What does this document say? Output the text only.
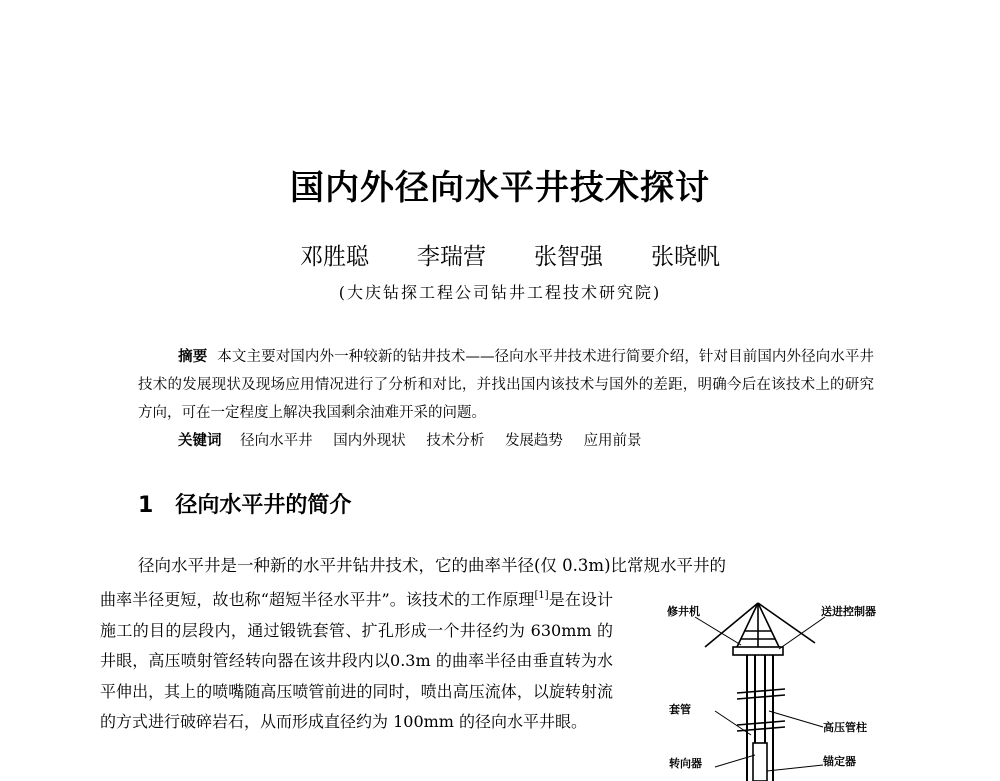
国内外径向水平井技术探讨
邓胜聪 李瑞营 张智强 张晓帆
(大庆钻探工程公司钻井工程技术研究院)
摘要 本文主要对国内外一种较新的钻井技术——径向水平井技术进行简要介绍，针对目前国内外径向水平井技术的发展现状及现场应用情况进行了分析和对比，并找出国内该技术与国外的差距，明确今后在该技术上的研究方向，可在一定程度上解决我国剩余油难开采的问题。
关键词 径向水平井 国内外现状 技术分析 发展趋势 应用前景
1 径向水平井的简介
径向水平井是一种新的水平井钻井技术，它的曲率半径(仅 0.3m)比常规水平井的
曲率半径更短，故也称“超短半径水平井”。该技术的工作原理[1]是在设计施工的目的层段内，通过锻铣套管、扩孔形成一个井径约为 630mm 的井眼，高压喷射管经转向器在该井段内以0.3m 的曲率半径由垂直转为水平伸出，其上的喷嘴随高压喷管前进的同时，喷出高压流体，以旋转射流的方式进行破碎岩石，从而形成直径约为 100mm 的径向水平井眼。
修井机	送进控制器
套管
高压管柱
转向器	锚定器
